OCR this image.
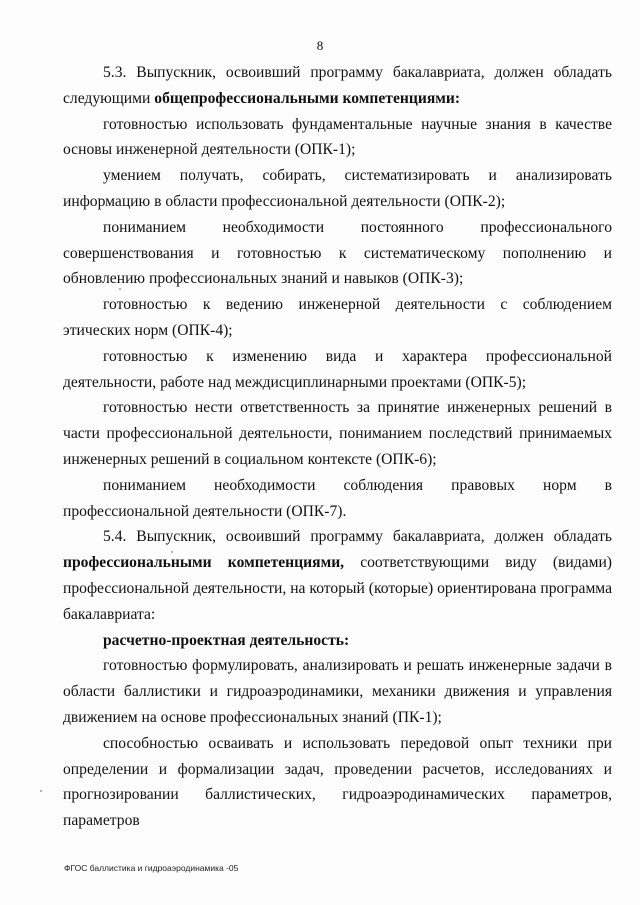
8

5.3. Выпускник, освоивший программу бакалавриата, должен обладать следующими общепрофессиональными компетенциями:

готовностью использовать фундаментальные научные знания в качестве основы инженерной деятельности (ОПК-1);

умением получать, собирать, систематизировать и анализировать информацию в области профессиональной деятельности (ОПК-2);

пониманием необходимости постоянного профессионального совершенствования и готовностью к систематическому пополнению и обновлению профессиональных знаний и навыков (ОПК-3);

готовностью к ведению инженерной деятельности с соблюдением этических норм (ОПК-4);

готовностью к изменению вида и характера профессиональной деятельности, работе над междисциплинарными проектами (ОПК-5);

готовностью нести ответственность за принятие инженерных решений в части профессиональной деятельности, пониманием последствий принимаемых инженерных решений в социальном контексте (ОПК-6);

пониманием необходимости соблюдения правовых норм в профессиональной деятельности (ОПК-7).

5.4. Выпускник, освоивший программу бакалавриата, должен обладать профессиональными компетенциями, соответствующими виду (видами) профессиональной деятельности, на который (которые) ориентирована программа бакалавриата:

расчетно-проектная деятельность:

готовностью формулировать, анализировать и решать инженерные задачи в области баллистики и гидроаэродинамики, механики движения и управления движением на основе профессиональных знаний (ПК-1);

способностью осваивать и использовать передовой опыт техники при определении и формализации задач, проведении расчетов, исследованиях и прогнозировании баллистических, гидроаэродинамических параметров, параметров

ФГОС баллистика и гидроаэродинамика -05
